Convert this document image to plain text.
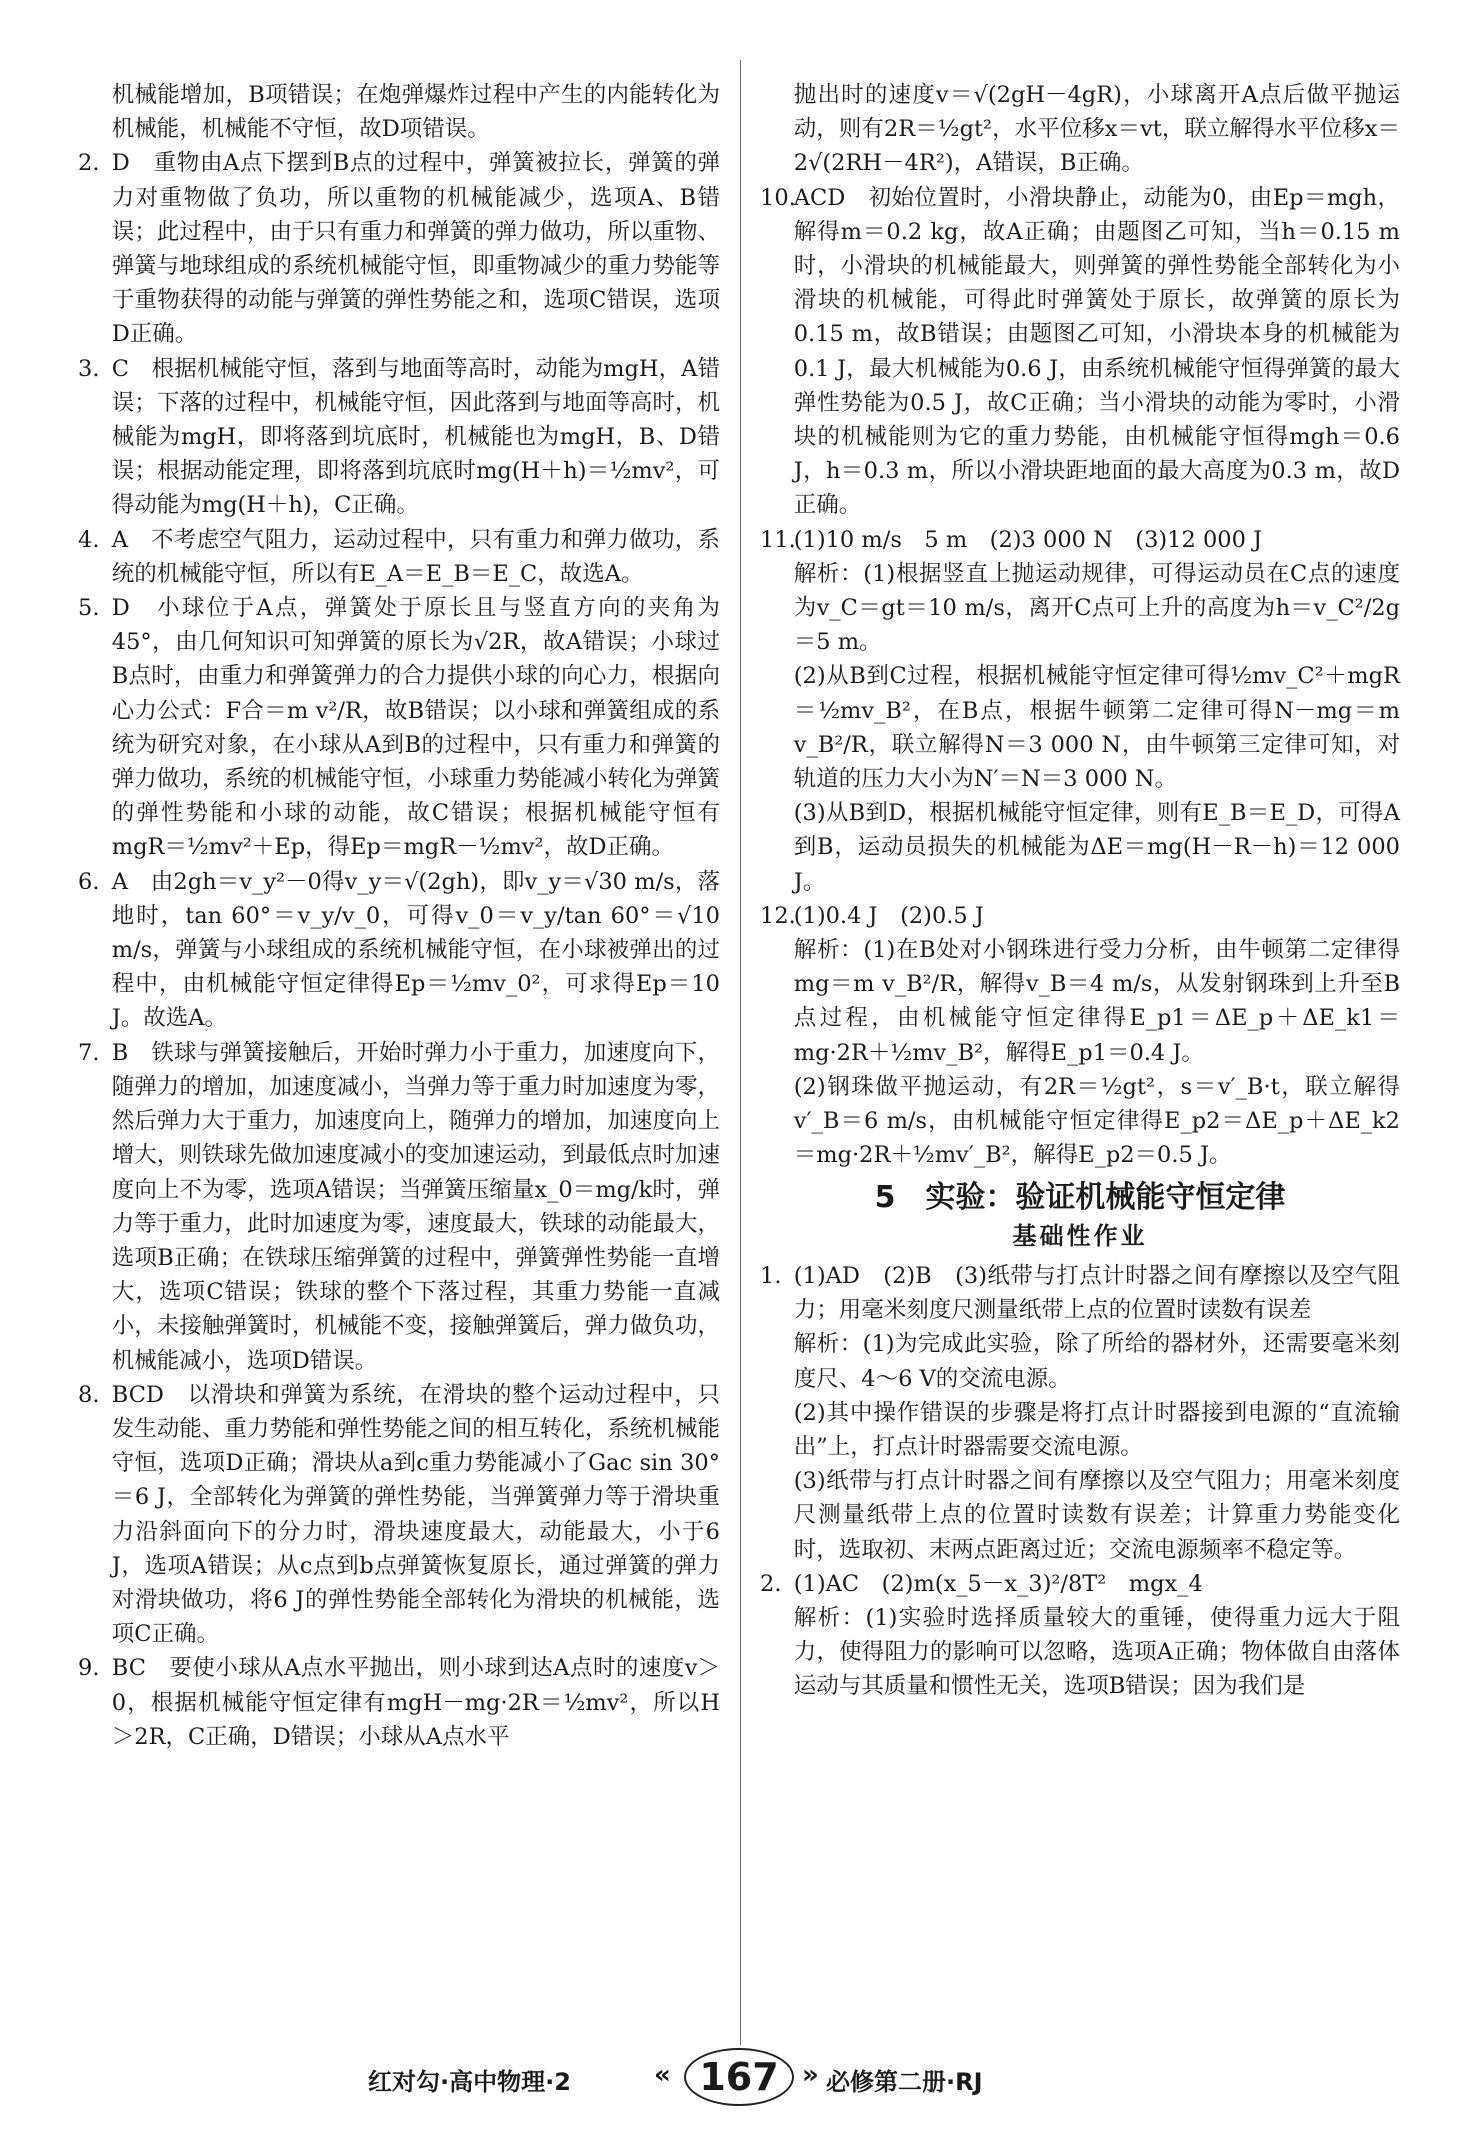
机械能增加，B项错误；在炮弹爆炸过程中产生的内能转化为机械能，机械能不守恒，故D项错误。
2. D　重物由A点下摆到B点的过程中，弹簧被拉长，弹簧的弹力对重物做了负功，所以重物的机械能减少，选项A、B错误；此过程中，由于只有重力和弹簧的弹力做功，所以重物、弹簧与地球组成的系统机械能守恒，即重物减少的重力势能等于重物获得的动能与弹簧的弹性势能之和，选项C错误，选项D正确。
3. C　根据机械能守恒，落到与地面等高时，动能为mgH，A错误；下落的过程中，机械能守恒，因此落到与地面等高时，机械能为mgH，即将落到坑底时，机械能也为mgH，B、D错误；根据动能定理，即将落到坑底时mg(H＋h)＝½mv²，可得动能为mg(H＋h)，C正确。
4. A　不考虑空气阻力，运动过程中，只有重力和弹力做功，系统的机械能守恒，所以有E_A＝E_B＝E_C，故选A。
5. D　小球位于A点，弹簧处于原长且与竖直方向的夹角为45°，由几何知识可知弹簧的原长为√2R，故A错误；小球过B点时，由重力和弹簧弹力的合力提供小球的向心力，根据向心力公式：F合＝m v²/R，故B错误；以小球和弹簧组成的系统为研究对象，在小球从A到B的过程中，只有重力和弹簧的弹力做功，系统的机械能守恒，小球重力势能减小转化为弹簧的弹性势能和小球的动能，故C错误；根据机械能守恒有mgR＝½mv²＋Ep，得Ep＝mgR－½mv²，故D正确。
6. A　由2gh＝v_y²－0得v_y＝√(2gh)，即v_y＝√30 m/s，落地时，tan 60°＝v_y/v_0，可得v_0＝v_y/tan 60°＝√10 m/s，弹簧与小球组成的系统机械能守恒，在小球被弹出的过程中，由机械能守恒定律得Ep＝½mv_0²，可求得Ep＝10 J。故选A。
7. B　铁球与弹簧接触后，开始时弹力小于重力，加速度向下，随弹力的增加，加速度减小，当弹力等于重力时加速度为零，然后弹力大于重力，加速度向上，随弹力的增加，加速度向上增大，则铁球先做加速度减小的变加速运动，到最低点时加速度向上不为零，选项A错误；当弹簧压缩量x_0＝mg/k时，弹力等于重力，此时加速度为零，速度最大，铁球的动能最大，选项B正确；在铁球压缩弹簧的过程中，弹簧弹性势能一直增大，选项C错误；铁球的整个下落过程，其重力势能一直减小，未接触弹簧时，机械能不变，接触弹簧后，弹力做负功，机械能减小，选项D错误。
8. BCD　以滑块和弹簧为系统，在滑块的整个运动过程中，只发生动能、重力势能和弹性势能之间的相互转化，系统机械能守恒，选项D正确；滑块从a到c重力势能减小了Gac sin 30°＝6 J，全部转化为弹簧的弹性势能，当弹簧弹力等于滑块重力沿斜面向下的分力时，滑块速度最大，动能最大，小于6 J，选项A错误；从c点到b点弹簧恢复原长，通过弹簧的弹力对滑块做功，将6 J的弹性势能全部转化为滑块的机械能，选项C正确。
9. BC　要使小球从A点水平抛出，则小球到达A点时的速度v＞0，根据机械能守恒定律有mgH－mg·2R＝½mv²，所以H＞2R，C正确，D错误；小球从A点水平
抛出时的速度v＝√(2gH－4gR)，小球离开A点后做平抛运动，则有2R＝½gt²，水平位移x＝vt，联立解得水平位移x＝2√(2RH－4R²)，A错误，B正确。
10.
ACD　初始位置时，小滑块静止，动能为0，由Ep＝mgh，解得m＝0.2 kg，故A正确；由题图乙可知，当h＝0.15 m时，小滑块的机械能最大，则弹簧的弹性势能全部转化为小滑块的机械能，可得此时弹簧处于原长，故弹簧的原长为0.15 m，故B错误；由题图乙可知，小滑块本身的机械能为0.1 J，最大机械能为0.6 J，由系统机械能守恒得弹簧的最大弹性势能为0.5 J，故C正确；当小滑块的动能为零时，小滑块的机械能则为它的重力势能，由机械能守恒得mgh＝0.6 J，h＝0.3 m，所以小滑块距地面的最大高度为0.3 m，故D正确。
11.
(1)10 m/s　5 m　(2)3 000 N　(3)12 000 J
解析：(1)根据竖直上抛运动规律，可得运动员在C点的速度为v_C＝gt＝10 m/s，离开C点可上升的高度为h＝v_C²/2g＝5 m。
(2)从B到C过程，根据机械能守恒定律可得½mv_C²＋mgR＝½mv_B²，在B点，根据牛顿第二定律可得N－mg＝m v_B²/R，联立解得N＝3 000 N，由牛顿第三定律可知，对轨道的压力大小为N′＝N＝3 000 N。
(3)从B到D，根据机械能守恒定律，则有E_B＝E_D，可得A到B，运动员损失的机械能为ΔE＝mg(H－R－h)＝12 000 J。
12.
(1)0.4 J　(2)0.5 J
解析：(1)在B处对小钢珠进行受力分析，由牛顿第二定律得mg＝m v_B²/R，解得v_B＝4 m/s，从发射钢珠到上升至B点过程，由机械能守恒定律得E_p1＝ΔE_p＋ΔE_k1＝mg·2R＋½mv_B²，解得E_p1＝0.4 J。
(2)钢珠做平抛运动，有2R＝½gt²，s＝v′_B·t，联立解得v′_B＝6 m/s，由机械能守恒定律得E_p2＝ΔE_p＋ΔE_k2＝mg·2R＋½mv′_B²，解得E_p2＝0.5 J。
5　实验：验证机械能守恒定律
基础性作业
1. (1)AD　(2)B　(3)纸带与打点计时器之间有摩擦以及空气阻力；用毫米刻度尺测量纸带上点的位置时读数有误差
解析：(1)为完成此实验，除了所给的器材外，还需要毫米刻度尺、4～6 V的交流电源。
(2)其中操作错误的步骤是将打点计时器接到电源的“直流输出”上，打点计时器需要交流电源。
(3)纸带与打点计时器之间有摩擦以及空气阻力；用毫米刻度尺测量纸带上点的位置时读数有误差；计算重力势能变化时，选取初、末两点距离过近；交流电源频率不稳定等。
2. (1)AC　(2)m(x_5－x_3)²/8T²　mgx_4
解析：(1)实验时选择质量较大的重锤，使得重力远大于阻力，使得阻力的影响可以忽略，选项A正确；物体做自由落体运动与其质量和惯性无关，选项B错误；因为我们是
红对勾·高中物理·2	« 167 » 必修第二册·RJ
